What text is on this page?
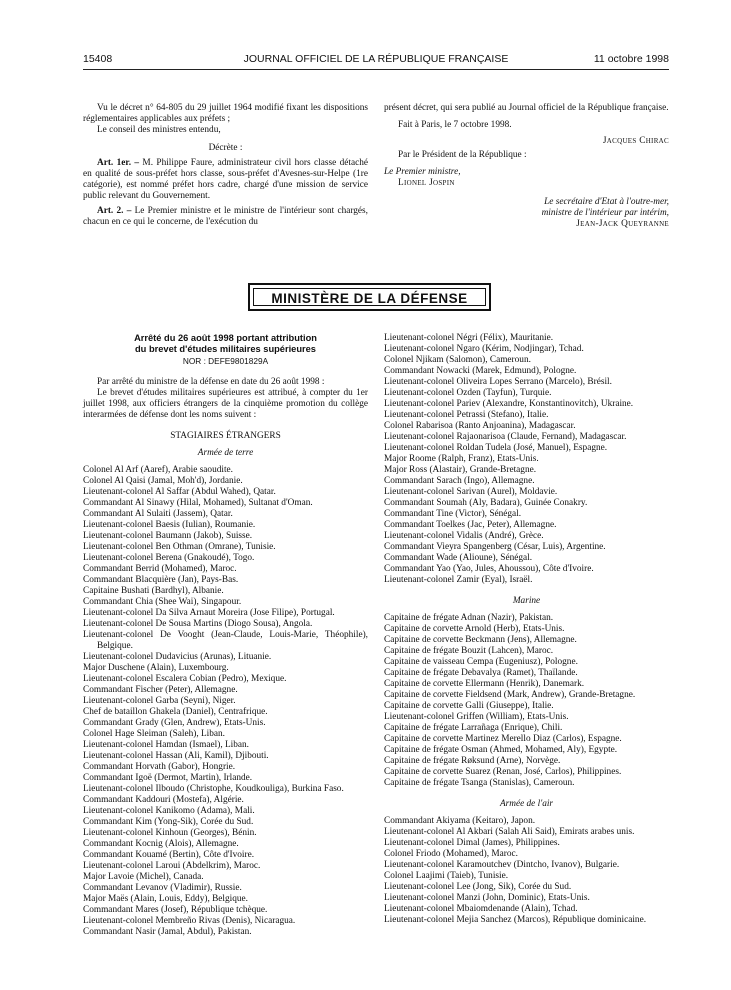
15408	JOURNAL OFFICIEL DE LA RÉPUBLIQUE FRANÇAISE	11 octobre 1998

Vu le décret n° 64-805 du 29 juillet 1964 modifié fixant les dispositions réglementaires applicables aux préfets ;

Le conseil des ministres entendu,

Décrète :

Art. 1er. – M. Philippe Faure, administrateur civil hors classe détaché en qualité de sous-préfet hors classe, sous-préfet d'Avesnes-sur-Helpe (1re catégorie), est nommé préfet hors cadre, chargé d'une mission de service public relevant du Gouvernement.

Art. 2. – Le Premier ministre et le ministre de l'intérieur sont chargés, chacun en ce qui le concerne, de l'exécution du

présent décret, qui sera publié au Journal officiel de la République française.

Fait à Paris, le 7 octobre 1998.

Jacques Chirac

Par le Président de la République :

Le Premier ministre,

Lionel Jospin

Le secrétaire d'Etat à l'outre-mer,

ministre de l'intérieur par intérim,

Jean-Jack Queyranne

MINISTÈRE DE LA DÉFENSE
Arrêté du 26 août 1998 portant attribution
du brevet d'études militaires supérieures
NOR : DEFE9801829A

Par arrêté du ministre de la défense en date du 26 août 1998 :

Le brevet d'études militaires supérieures est attribué, à compter du 1er juillet 1998, aux officiers étrangers de la cinquième promotion du collège interarmées de défense dont les noms suivent :

STAGIAIRES ÉTRANGERS

Armée de terre

Colonel Al Arf (Aaref), Arabie saoudite.
Colonel Al Qaisi (Jamal, Moh'd), Jordanie.
Lieutenant-colonel Al Saffar (Abdul Wahed), Qatar.
Commandant Al Sinawy (Hilal, Mohamed), Sultanat d'Oman.
Commandant Al Sulaiti (Jassem), Qatar.
Lieutenant-colonel Baesis (Iulian), Roumanie.
Lieutenant-colonel Baumann (Jakob), Suisse.
Lieutenant-colonel Ben Othman (Omrane), Tunisie.
Lieutenant-colonel Berena (Gnakoudé), Togo.
Commandant Berrid (Mohamed), Maroc.
Commandant Blacquière (Jan), Pays-Bas.
Capitaine Bushati (Bardhyl), Albanie.
Commandant Chia (Shee Wai), Singapour.
Lieutenant-colonel Da Silva Arnaut Moreira (Jose Filipe), Portugal.
Lieutenant-colonel De Sousa Martins (Diogo Sousa), Angola.
Lieutenant-colonel De Vooght (Jean-Claude, Louis-Marie, Théophile), Belgique.
Lieutenant-colonel Dudavicius (Arunas), Lituanie.
Major Duschene (Alain), Luxembourg.
Lieutenant-colonel Escalera Cobian (Pedro), Mexique.
Commandant Fischer (Peter), Allemagne.
Lieutenant-colonel Garba (Seyni), Niger.
Chef de bataillon Ghakela (Daniel), Centrafrique.
Commandant Grady (Glen, Andrew), Etats-Unis.
Colonel Hage Sleiman (Saleh), Liban.
Lieutenant-colonel Hamdan (Ismael), Liban.
Lieutenant-colonel Hassan (Ali, Kamil), Djibouti.
Commandant Horvath (Gabor), Hongrie.
Commandant Igoë (Dermot, Martin), Irlande.
Lieutenant-colonel Ilboudo (Christophe, Koudkouliga), Burkina Faso.
Commandant Kaddouri (Mostefa), Algérie.
Lieutenant-colonel Kanikomo (Adama), Mali.
Commandant Kim (Yong-Sik), Corée du Sud.
Lieutenant-colonel Kinhoun (Georges), Bénin.
Commandant Kocnig (Alois), Allemagne.
Commandant Kouamé (Bertin), Côte d'Ivoire.
Lieutenant-colonel Laroui (Abdelkrim), Maroc.
Major Lavoie (Michel), Canada.
Commandant Levanov (Vladimir), Russie.
Major Maës (Alain, Louis, Eddy), Belgique.
Commandant Mares (Josef), République tchèque.
Lieutenant-colonel Membreño Rivas (Denis), Nicaragua.
Commandant Nasir (Jamal, Abdul), Pakistan.
Lieutenant-colonel Négri (Félix), Mauritanie.
Lieutenant-colonel Ngaro (Kérim, Nodjingar), Tchad.
Colonel Njikam (Salomon), Cameroun.
Commandant Nowacki (Marek, Edmund), Pologne.
Lieutenant-colonel Oliveira Lopes Serrano (Marcelo), Brésil.
Lieutenant-colonel Ozden (Tayfun), Turquie.
Lieutenant-colonel Pariev (Alexandre, Konstantinovitch), Ukraine.
Lieutenant-colonel Petrassi (Stefano), Italie.
Colonel Rabarisoa (Ranto Anjoanina), Madagascar.
Lieutenant-colonel Rajaonarisoa (Claude, Fernand), Madagascar.
Lieutenant-colonel Roldan Tudela (José, Manuel), Espagne.
Major Roome (Ralph, Franz), Etats-Unis.
Major Ross (Alastair), Grande-Bretagne.
Commandant Sarach (Ingo), Allemagne.
Lieutenant-colonel Sarivan (Aurel), Moldavie.
Commandant Soumah (Aly, Badara), Guinée Conakry.
Commandant Tine (Victor), Sénégal.
Commandant Toelkes (Jac, Peter), Allemagne.
Lieutenant-colonel Vidalis (André), Grèce.
Commandant Vieyra Spangenberg (César, Luis), Argentine.
Commandant Wade (Alioune), Sénégal.
Commandant Yao (Yao, Jules, Ahoussou), Côte d'Ivoire.
Lieutenant-colonel Zamir (Eyal), Israël.

Marine

Capitaine de frégate Adnan (Nazir), Pakistan.
Capitaine de corvette Arnold (Herb), Etats-Unis.
Capitaine de corvette Beckmann (Jens), Allemagne.
Capitaine de frégate Bouzit (Lahcen), Maroc.
Capitaine de vaisseau Cempa (Eugeniusz), Pologne.
Capitaine de frégate Debavalya (Ramet), Thaïlande.
Capitaine de corvette Ellermann (Henrik), Danemark.
Capitaine de corvette Fieldsend (Mark, Andrew), Grande-Bretagne.
Capitaine de corvette Galli (Giuseppe), Italie.
Lieutenant-colonel Griffen (William), Etats-Unis.
Capitaine de frégate Larrañaga (Enrique), Chili.
Capitaine de corvette Martinez Merello Diaz (Carlos), Espagne.
Capitaine de frégate Osman (Ahmed, Mohamed, Aly), Egypte.
Capitaine de frégate Røksund (Arne), Norvège.
Capitaine de corvette Suarez (Renan, José, Carlos), Philippines.
Capitaine de frégate Tsanga (Stanislas), Cameroun.

Armée de l'air

Commandant Akiyama (Keitaro), Japon.
Lieutenant-colonel Al Akbari (Salah Ali Said), Emirats arabes unis.
Lieutenant-colonel Dimal (James), Philippines.
Colonel Friodo (Mohamed), Maroc.
Lieutenant-colonel Karamoutchev (Dintcho, Ivanov), Bulgarie.
Colonel Laajimi (Taieb), Tunisie.
Lieutenant-colonel Lee (Jong, Sik), Corée du Sud.
Lieutenant-colonel Manzi (John, Dominic), Etats-Unis.
Lieutenant-colonel Mbaiomdenande (Alain), Tchad.
Lieutenant-colonel Mejia Sanchez (Marcos), République dominicaine.
